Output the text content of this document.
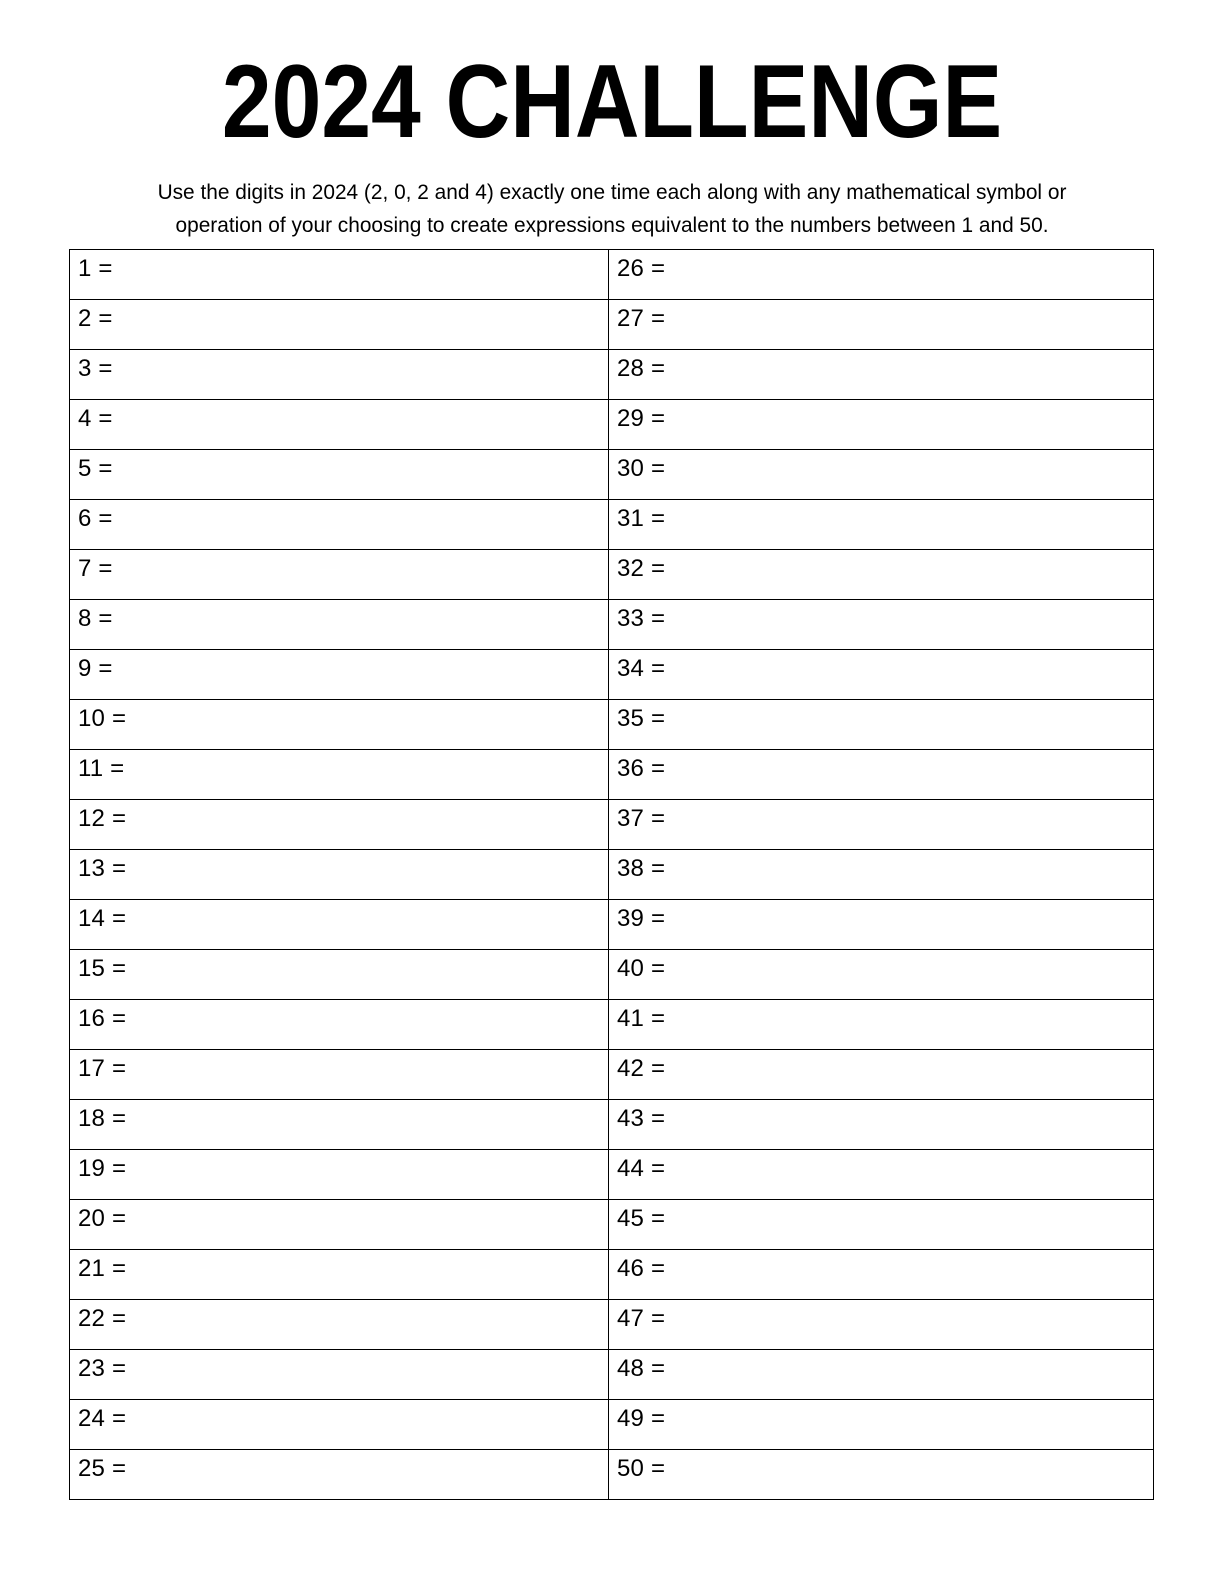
2024 CHALLENGE
Use the digits in 2024 (2, 0, 2 and 4) exactly one time each along with any mathematical symbol or
operation of your choosing to create expressions equivalent to the numbers between 1 and 50.
1 =	26 =
2 =	27 =
3 =	28 =
4 =	29 =
5 =	30 =
6 =	31 =
7 =	32 =
8 =	33 =
9 =	34 =
10 =	35 =
11 =	36 =
12 =	37 =
13 =	38 =
14 =	39 =
15 =	40 =
16 =	41 =
17 =	42 =
18 =	43 =
19 =	44 =
20 =	45 =
21 =	46 =
22 =	47 =
23 =	48 =
24 =	49 =
25 =	50 =
